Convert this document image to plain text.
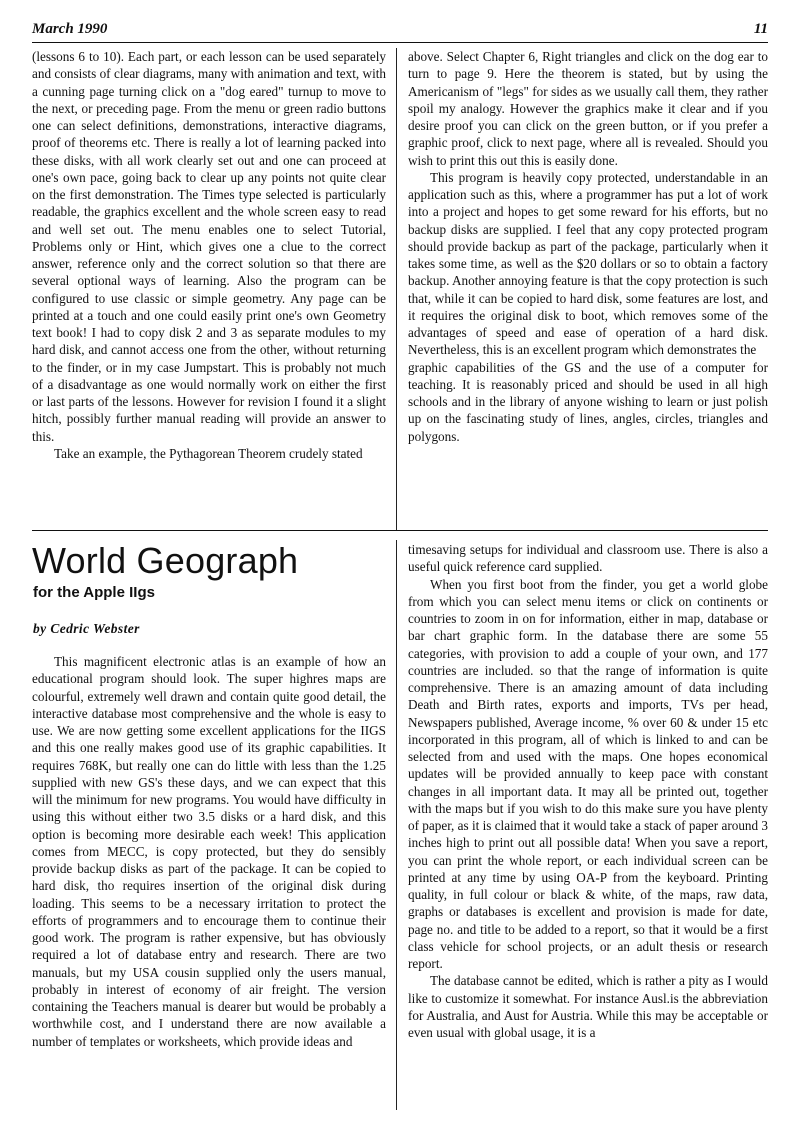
March 1990	11

(lessons 6 to 10). Each part, or each lesson can be used separately and consists of clear diagrams, many with animation and text, with a cunning page turning click on a "dog eared" turnup to move to the next, or preceding page. From the menu or green radio buttons one can select definitions, demonstrations, interactive diagrams, proof of theorems etc. There is really a lot of learning packed into these disks, with all work clearly set out and one can proceed at one's own pace, going back to clear up any points not quite clear on the first demonstration. The Times type selected is particularly readable, the graphics excellent and the whole screen easy to read and well set out. The menu enables one to select Tutorial, Problems only or Hint, which gives one a clue to the correct answer, reference only and the correct solution so that there are several optional ways of learning. Also the program can be configured to use classic or simple geometry. Any page can be printed at a touch and one could easily print one's own Geometry text book! I had to copy disk 2 and 3 as separate modules to my hard disk, and cannot access one from the other, without returning to the finder, or in my case Jumpstart. This is probably not much of a disadvantage as one would normally work on either the first or last parts of the lessons. However for revision I found it a slight hitch, possibly further manual reading will provide an answer to this.

Take an example, the Pythagorean Theorem crudely stated

above. Select Chapter 6, Right triangles and click on the dog ear to turn to page 9. Here the theorem is stated, but by using the Americanism of "legs" for sides as we usually call them, they rather spoil my analogy. However the graphics make it clear and if you desire proof you can click on the green button, or if you prefer a graphic proof, click to next page, where all is revealed. Should you wish to print this out this is easily done.

This program is heavily copy protected, understandable in an application such as this, where a programmer has put a lot of work into a project and hopes to get some reward for his efforts, but no backup disks are supplied. I feel that any copy protected program should provide backup as part of the package, particularly when it takes some time, as well as the $20 dollars or so to obtain a factory backup. Another annoying feature is that the copy protection is such that, while it can be copied to hard disk, some features are lost, and it requires the original disk to boot, which removes some of the advantages of speed and ease of operation of a hard disk. Nevertheless, this is an excellent program which demonstrates the

graphic capabilities of the GS and the use of a computer for teaching. It is reasonably priced and should be used in all high schools and in the library of anyone wishing to learn or just polish up on the fascinating study of lines, angles, circles, triangles and polygons.

World Geograph
for the Apple IIgs

by Cedric Webster

This magnificent electronic atlas is an example of how an educational program should look. The super highres maps are colourful, extremely well drawn and contain quite good detail, the interactive database most comprehensive and the whole is easy to use. We are now getting some excellent applications for the IIGS and this one really makes good use of its graphic capabilities. It requires 768K, but really one can do little with less than the 1.25 supplied with new GS's these days, and we can expect that this will the minimum for new programs. You would have difficulty in using this without either two 3.5 disks or a hard disk, and this option is becoming more desirable each week! This application comes from MECC, is copy protected, but they do sensibly provide backup disks as part of the package. It can be copied to hard disk, tho requires insertion of the original disk during loading. This seems to be a necessary irritation to protect the efforts of programmers and to encourage them to continue their good work. The program is rather expensive, but has obviously required a lot of database entry and research. There are two manuals, but my USA cousin supplied only the users manual, probably in interest of economy of air freight. The version containing the Teachers manual is dearer but would be probably a worthwhile cost, and I understand there are now available a number of templates or worksheets, which provide ideas and

timesaving setups for individual and classroom use. There is also a useful quick reference card supplied.

When you first boot from the finder, you get a world globe from which you can select menu items or click on continents or countries to zoom in on for information, either in map, database or bar chart graphic form. In the database there are some 55 categories, with provision to add a couple of your own, and 177 countries are included. so that the range of information is quite comprehensive. There is an amazing amount of data including Death and Birth rates, exports and imports, TVs per head, Newspapers published, Average income, % over 60 & under 15 etc incorporated in this program, all of which is linked to and can be selected from and used with the maps. One hopes economical updates will be provided annually to keep pace with constant changes in all important data. It may all be printed out, together with the maps but if you wish to do this make sure you have plenty of paper, as it is claimed that it would take a stack of paper around 3 inches high to print out all possible data! When you save a report, you can print the whole report, or each individual screen can be printed at any time by using OA-P from the keyboard. Printing quality, in full colour or black & white, of the maps, raw data, graphs or databases is excellent and provision is made for date, page no. and title to be added to a report, so that it would be a first class vehicle for school projects, or an adult thesis or research report.

The database cannot be edited, which is rather a pity as I would like to customize it somewhat. For instance Ausl.is the abbreviation for Australia, and Aust for Austria. While this may be acceptable or even usual with global usage, it is a
